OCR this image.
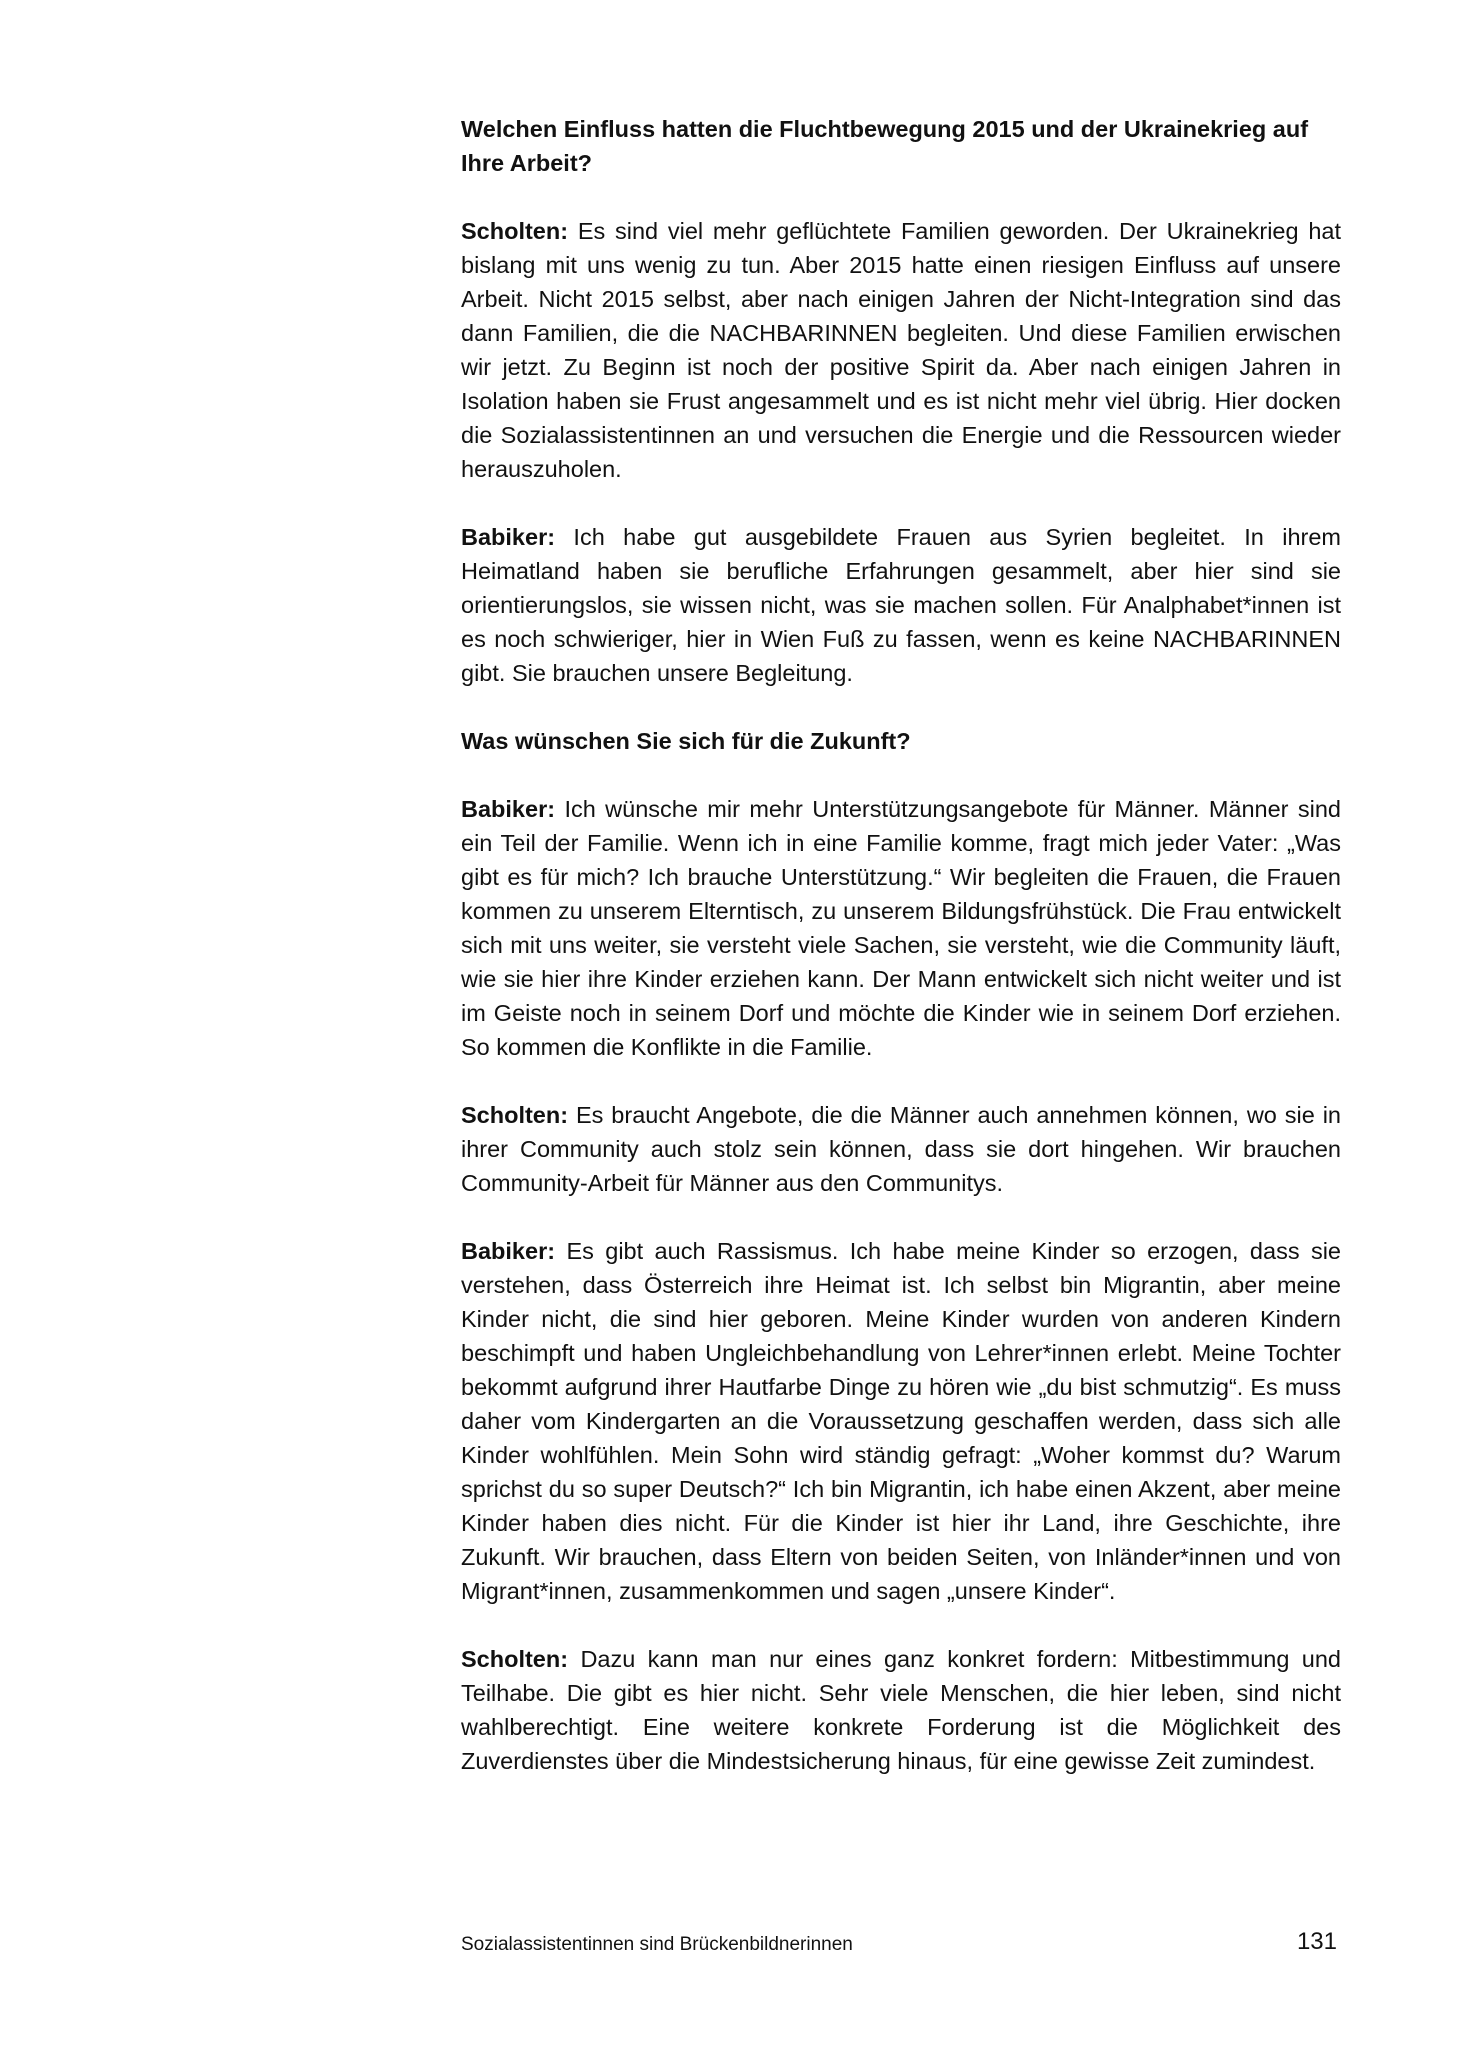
Welchen Einfluss hatten die Fluchtbewegung 2015 und der Ukrainekrieg auf Ihre Arbeit?

Scholten: Es sind viel mehr geflüchtete Familien geworden. Der Ukrainekrieg hat bislang mit uns wenig zu tun. Aber 2015 hatte einen riesigen Einfluss auf unsere Arbeit. Nicht 2015 selbst, aber nach einigen Jahren der Nicht-Integration sind das dann Familien, die die NACHBARINNEN begleiten. Und diese Familien erwischen wir jetzt. Zu Beginn ist noch der positive Spirit da. Aber nach einigen Jahren in Isolation haben sie Frust angesammelt und es ist nicht mehr viel übrig. Hier docken die Sozialassistentinnen an und versuchen die Energie und die Ressourcen wieder herauszuholen.

Babiker: Ich habe gut ausgebildete Frauen aus Syrien begleitet. In ihrem Heimatland haben sie berufliche Erfahrungen gesammelt, aber hier sind sie orientierungslos, sie wissen nicht, was sie machen sollen. Für Analphabet*innen ist es noch schwieriger, hier in Wien Fuß zu fassen, wenn es keine NACHBARINNEN gibt. Sie brauchen unsere Begleitung.

Was wünschen Sie sich für die Zukunft?

Babiker: Ich wünsche mir mehr Unterstützungsangebote für Männer. Männer sind ein Teil der Familie. Wenn ich in eine Familie komme, fragt mich jeder Vater: „Was gibt es für mich? Ich brauche Unterstützung.“ Wir begleiten die Frauen, die Frauen kommen zu unserem Elterntisch, zu unserem Bildungsfrühstück. Die Frau entwickelt sich mit uns weiter, sie versteht viele Sachen, sie versteht, wie die Community läuft, wie sie hier ihre Kinder erziehen kann. Der Mann entwickelt sich nicht weiter und ist im Geiste noch in seinem Dorf und möchte die Kinder wie in seinem Dorf erziehen. So kommen die Konflikte in die Familie.

Scholten: Es braucht Angebote, die die Männer auch annehmen können, wo sie in ihrer Community auch stolz sein können, dass sie dort hingehen. Wir brauchen Community-Arbeit für Männer aus den Communitys.

Babiker: Es gibt auch Rassismus. Ich habe meine Kinder so erzogen, dass sie verstehen, dass Österreich ihre Heimat ist. Ich selbst bin Migrantin, aber meine Kinder nicht, die sind hier geboren. Meine Kinder wurden von anderen Kindern beschimpft und haben Ungleichbehandlung von Lehrer*innen erlebt. Meine Tochter bekommt aufgrund ihrer Hautfarbe Dinge zu hören wie „du bist schmutzig“. Es muss daher vom Kindergarten an die Voraussetzung geschaffen werden, dass sich alle Kinder wohlfühlen. Mein Sohn wird ständig gefragt: „Woher kommst du? Warum sprichst du so super Deutsch?“ Ich bin Migrantin, ich habe einen Akzent, aber meine Kinder haben dies nicht. Für die Kinder ist hier ihr Land, ihre Geschichte, ihre Zukunft. Wir brauchen, dass Eltern von beiden Seiten, von Inländer*innen und von Migrant*innen, zusammenkommen und sagen „unsere Kinder“.

Scholten: Dazu kann man nur eines ganz konkret fordern: Mitbestimmung und Teilhabe. Die gibt es hier nicht. Sehr viele Menschen, die hier leben, sind nicht wahlberechtigt. Eine weitere konkrete Forderung ist die Möglichkeit des Zuverdienstes über die Mindestsicherung hinaus, für eine gewisse Zeit zumindest.

Sozialassistentinnen sind Brückenbildnerinnen	131
